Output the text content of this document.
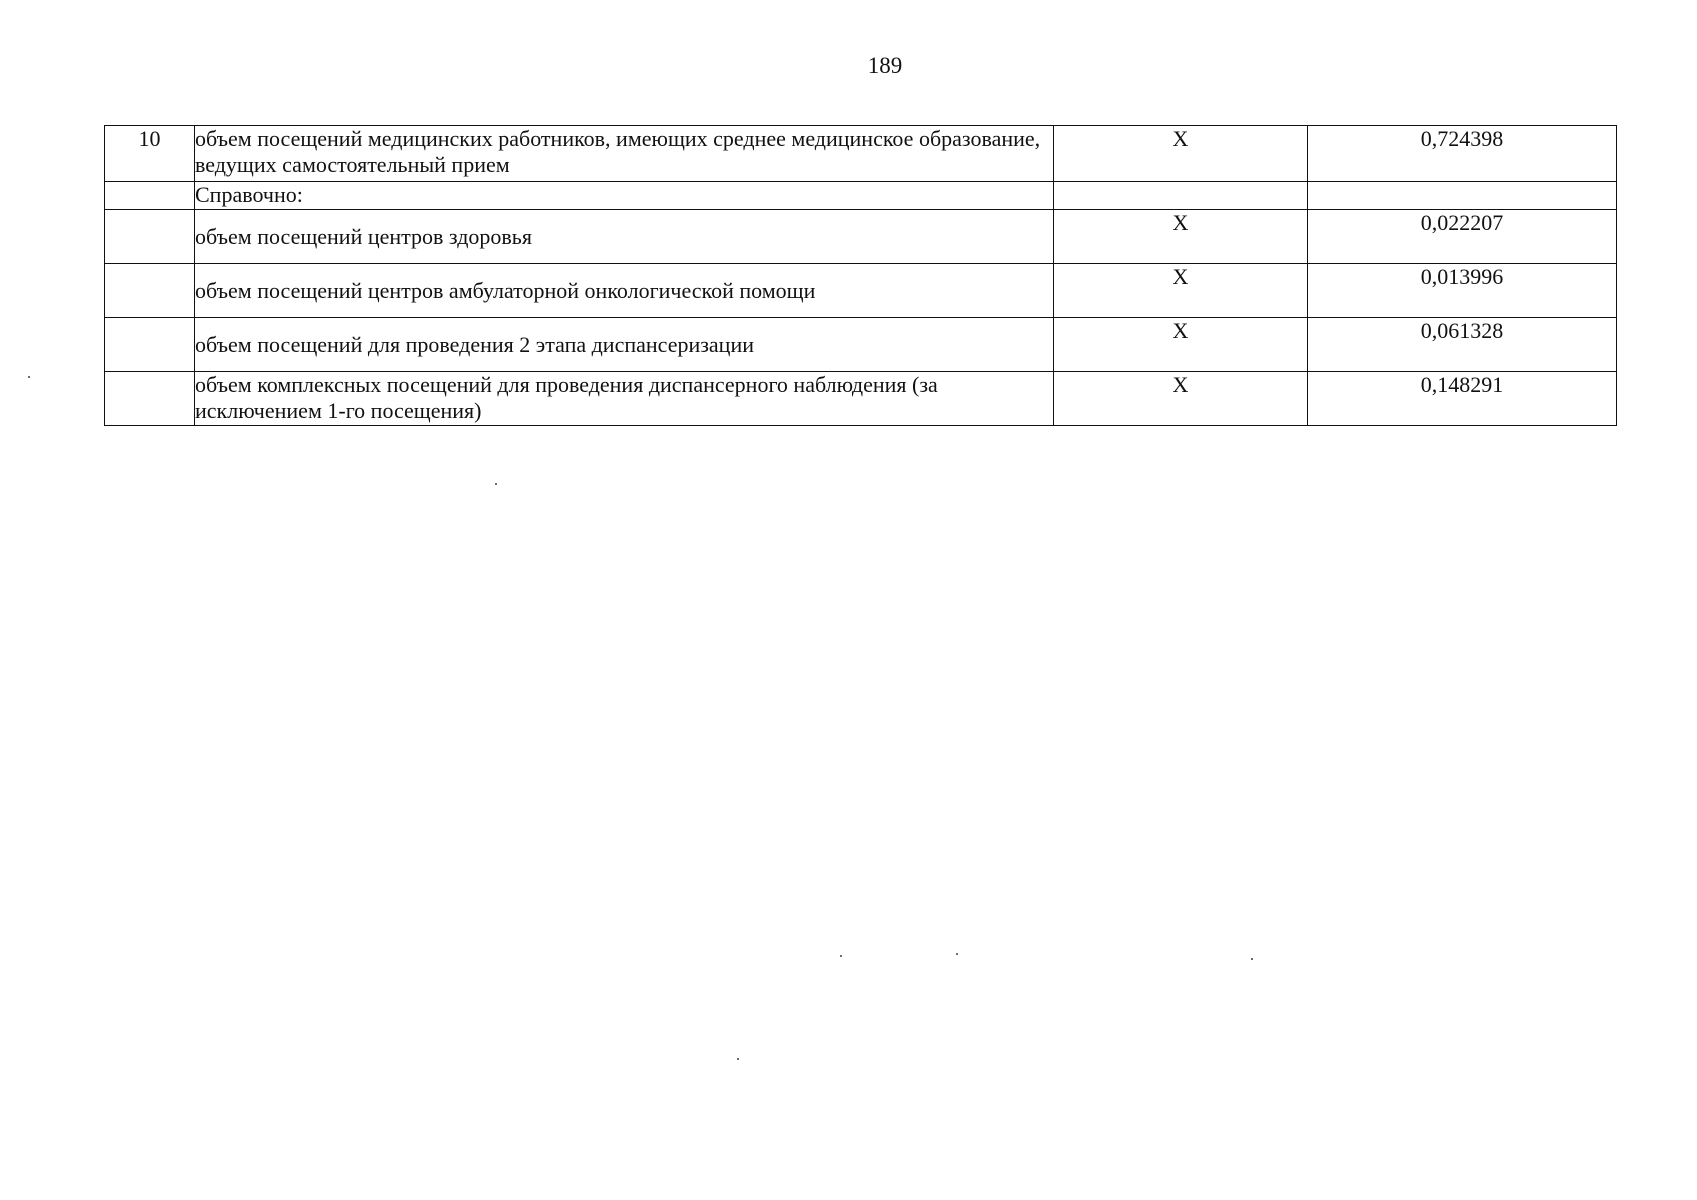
189
10	объем посещений медицинских работников, имеющих среднее медицинское образование, ведущих самостоятельный прием	X	0,724398
	Справочно:		
	объем посещений центров здоровья	X	0,022207
	объем посещений центров амбулаторной онкологической помощи	X	0,013996
	объем посещений для проведения 2 этапа диспансеризации	X	0,061328
	объем комплексных посещений для проведения диспансерного наблюдения (за исключением 1-го посещения)	X	0,148291
